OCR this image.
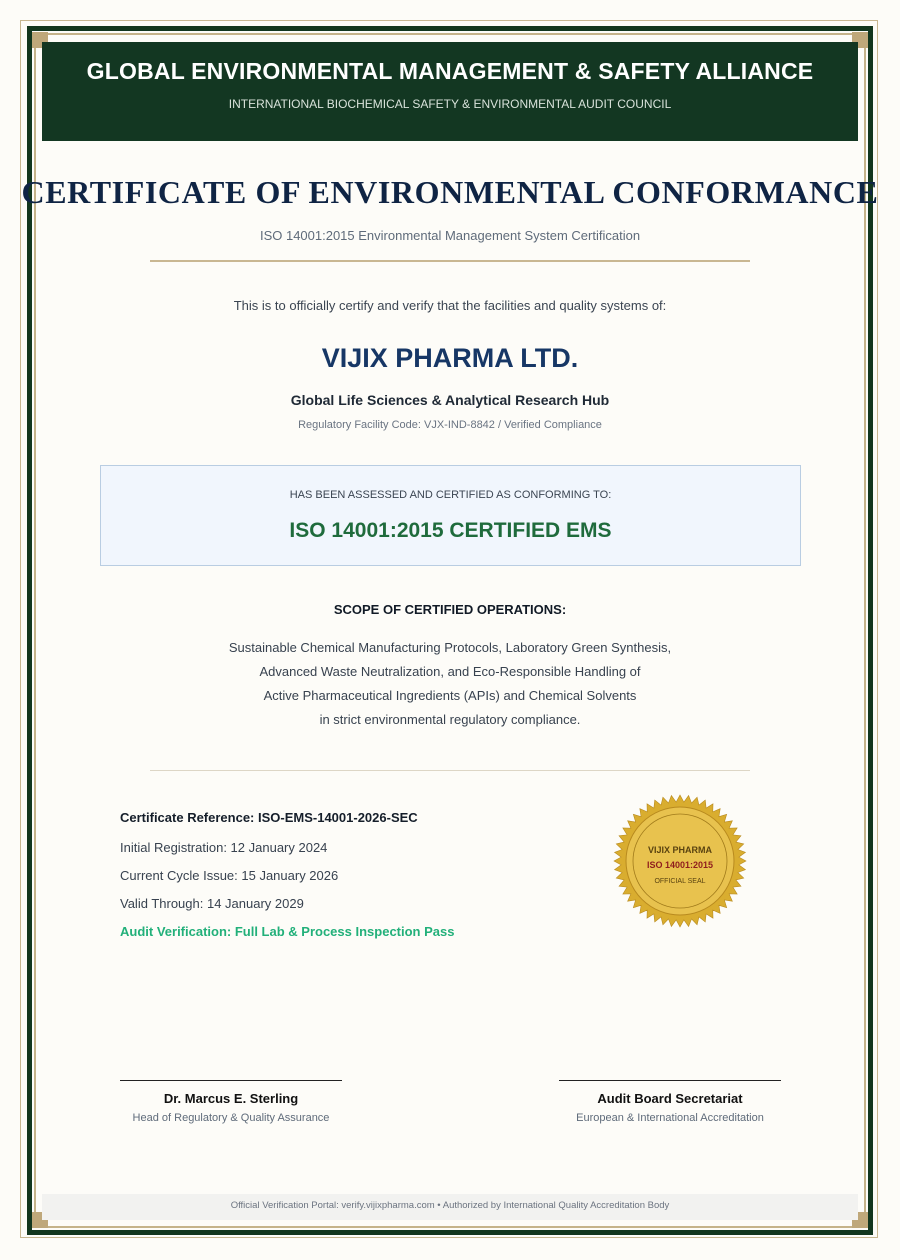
GLOBAL ENVIRONMENTAL MANAGEMENT & SAFETY ALLIANCE
INTERNATIONAL BIOCHEMICAL SAFETY & ENVIRONMENTAL AUDIT COUNCIL
CERTIFICATE OF ENVIRONMENTAL CONFORMANCE
ISO 14001:2015 Environmental Management System Certification
This is to officially certify and verify that the facilities and quality systems of:
VIJIX PHARMA LTD.
Global Life Sciences & Analytical Research Hub
Regulatory Facility Code: VJX-IND-8842 / Verified Compliance
HAS BEEN ASSESSED AND CERTIFIED AS CONFORMING TO:
ISO 14001:2015 CERTIFIED EMS
SCOPE OF CERTIFIED OPERATIONS:
Sustainable Chemical Manufacturing Protocols, Laboratory Green Synthesis,
Advanced Waste Neutralization, and Eco-Responsible Handling of
Active Pharmaceutical Ingredients (APIs) and Chemical Solvents
in strict environmental regulatory compliance.
Certificate Reference: ISO-EMS-14001-2026-SEC
Initial Registration: 12 January 2024
Current Cycle Issue: 15 January 2026
Valid Through: 14 January 2029
Audit Verification: Full Lab & Process Inspection Pass
VIJIX PHARMA
ISO 14001:2015
OFFICIAL SEAL
Dr. Marcus E. Sterling
Head of Regulatory & Quality Assurance
Audit Board Secretariat
European & International Accreditation
Official Verification Portal: verify.vijixpharma.com • Authorized by International Quality Accreditation Body
